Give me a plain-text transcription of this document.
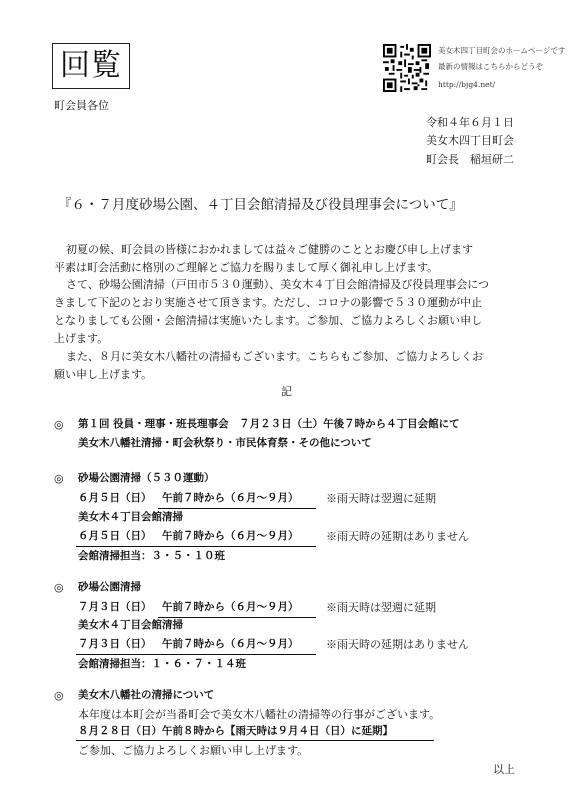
回覧
町会員各位
美女木四丁目町会のホームページです
最新の情報はこちらからどうぞ
http://bjg4.net/
令和４年６月１日
美女木四丁目町会
町会長　稲垣研二
『６・７月度砂場公園、４丁目会館清掃及び役員理事会について』
初夏の候、町会員の皆様におかれましては益々ご健勝のこととお慶び申し上げます
平素は町会活動に格別のご理解とご協力を賜りまして厚く御礼申し上げます。
さて、砂場公園清掃（戸田市５３０運動）、美女木４丁目会館清掃及び役員理事会につ
きまして下記のとおり実施させて頂きます。ただし、コロナの影響で５３０運動が中止
となりましても公園・会館清掃は実施いたします。ご参加、ご協力よろしくお願い申し
上げます。
また、８月に美女木八幡社の清掃もございます。こちらもご参加、ご協力よろしくお
願い申し上げます。
記
◎ 第１回 役員・理事・班長理事会　７月２３日（土）午後７時から４丁目会館にて
美女木八幡社清掃・町会秋祭り・市民体育祭・その他について
◎ 砂場公園清掃（５３０運動）
６月５日（日） 午前７時から（６月～９月）	※雨天時は翌週に延期
美女木４丁目会館清掃
６月５日（日） 午前７時から（６月～９月）	※雨天時の延期はありません
会館清掃担当：３・５・１０班
◎ 砂場公園清掃
７月３日（日） 午前７時から（６月～９月）	※雨天時は翌週に延期
美女木４丁目会館清掃
７月３日（日） 午前７時から（６月～９月）	※雨天時の延期はありません
会館清掃担当：１・６・７・１４班
◎ 美女木八幡社の清掃について
本年度は本町会が当番町会で美女木八幡社の清掃等の行事がございます。
８月２８日（日）午前８時から【雨天時は９月４日（日）に延期】
ご参加、ご協力よろしくお願い申し上げます。
以上
